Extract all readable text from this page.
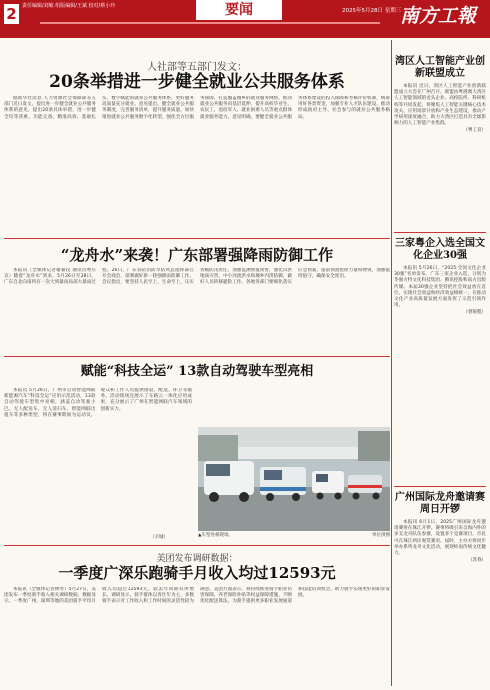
2	责任编辑/刘敏 组版编辑/王斌 校对/蔡小玲	要闻	2025年5月28日 星期三
南方工報
人社部等五部门发文：
20条举措进一步健全就业公共服务体系
据新华社消息 人力资源社会保障部等五部门近日发文，提出进一步健全就业公共服务体系的意见，提出20条具体举措，进一步健全均等普惠、功能完备、精准高效、基础扎实、数字赋能的就业公共服务体系，更好服务高质量充分就业。意见提出，健全就业公共服务制度，完善服务清单，提升服务质量，加快推进就业公共服务数字化转型，强化全方位服务保障，打造覆盖城乡的就业服务网络，推动就业公共服务向基层延伸，提升高校毕业生、农民工、退役军人、就业困难人员等重点群体就业服务能力。意见明确，要健全就业公共服务体系建设的投入保障和考核评价机制，统筹用好各类资金，加强专业人才队伍建设，推动形成政府主导、社会参与的就业公共服务格局。
“龙舟水”来袭！广东部署强降雨防御工作
本报讯（全媒体记者谢嘉仪 通讯员粤应宣）随着“龙舟水”到来，5月26日至28日，广东自北向南将有一次大到暴雨局部大暴雨过程。26日，广东省防汛防旱防风总指挥部召开会商会，部署做好新一轮强降雨防御工作。会议指出，要坚持人民至上、生命至上，压实各级防汛责任，加强监测预报预警，强化山洪地质灾害、中小河流洪水和城乡内涝防御，做好人员转移避险工作。各地各部门要细化落实应急预案，提前预置抢险力量和物资，加强值班值守，确保安全度汛。
赋能“科技全运” 13款自动驾驶车型亮相
本报讯 5月26日，广州市启动智能网联新能源汽车“科技全运”应用示范活动，13款自动驾驶车型集中亮相，涵盖自动驾驶小巴、无人配送车、无人清扫车、智能网联出租车等多种类型，将在赛事期间为运动员、观众和工作人员提供接驳、配送、环卫等服务。活动现场还展示了车路云一体化应用成果，充分展示了广州在智能网联汽车领域的创新实力。
▲车型亮相现场。	单位供图
（羊城）
美团发布调研数据：
一季度广深乐跑骑手月收入均过12593元
本报讯（全媒体记者林琴）5月27日，美团发布一季度骑手收入相关调研数据。数据显示，一季度广州、深圳等地的美团骑手平均月收入均超过12593元，较去年同期有所增长。调研显示，骑手群体以青壮年为主，多数骑手表示对工作收入和工作时间的灵活性较为满意。美团方面表示，将持续推进骑手职业伤害保障、养老保险补贴等权益保障措施，不断优化配送算法，为骑手提供更多职业发展通道和技能培训机会，助力骑手实现更好的职业发展。
湾区人工智能产业创新联盟成立
本报讯 近日，湾区人工智能产业创新联盟成立大会在广州召开。联盟由粤港澳大湾区人工智能领域的龙头企业、高校院所、科研机构等共同发起，将聚焦人工智能关键核心技术攻关、应用场景开放和产业生态建设，推动产学研用深度融合，助力大湾区打造具有全球影响力的人工智能产业集群。
（粤工宣）
三家粤企入选全国文化企业30强
本报讯 5月26日，“2025·全国文化企业30强”名单发布，广东三家企业入选，分别为华强方特文化科技集团、腾讯控股和南方出版传媒。本届30强企业坚持把社会效益放在首位，实现社会效益和经济效益相统一，在推动文化产业高质量发展方面发挥了示范引领作用。
（曾锐程）
广州国际龙舟邀请赛周日开锣
本报讯 6月1日，2025广州国际龙舟邀请赛将在珠江开锣。赛事将吸引来自海内外的多支龙舟队伍参赛，设置多个竞赛项目，市民可在珠江两岸观赏赛况。届时，主办方将同步举办系列龙舟文化活动，展现岭南传统文化魅力。
（苏春）
